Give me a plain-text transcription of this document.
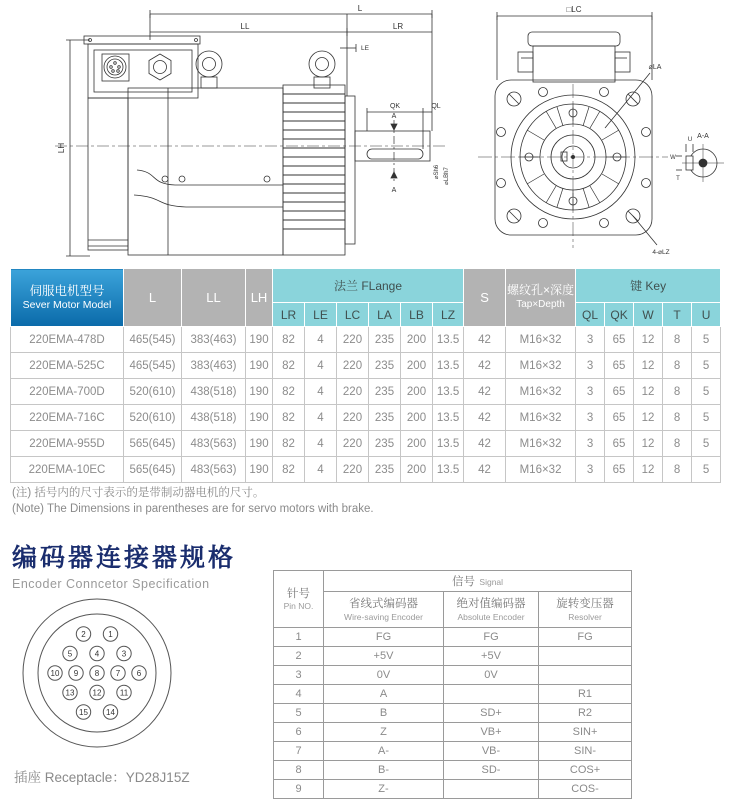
L
LL	LR
LE
LH
QK	QL
A
A
⌀Sh6 ⌀LBh7
□LC
⌀LA
4-⌀LZ
A-A
U
W
T
伺服电机型号
Sever Motor Model
	L	LL	LH	法兰 FLange	S	螺纹孔×深度
Tap×Depth
	键 Key
				LR	LE	LC	LA	LB	LZ			QL	QK	W	T	U
220EMA-478D	465(545)	383(463)	190	82	4	220	235	200	13.5	42	M16×32	3	65	12	8	5
220EMA-525C	465(545)	383(463)	190	82	4	220	235	200	13.5	42	M16×32	3	65	12	8	5
220EMA-700D	520(610)	438(518)	190	82	4	220	235	200	13.5	42	M16×32	3	65	12	8	5
220EMA-716C	520(610)	438(518)	190	82	4	220	235	200	13.5	42	M16×32	3	65	12	8	5
220EMA-955D	565(645)	483(563)	190	82	4	220	235	200	13.5	42	M16×32	3	65	12	8	5
220EMA-10EC	565(645)	483(563)	190	82	4	220	235	200	13.5	42	M16×32	3	65	12	8	5
(注) 括号内的尺寸表示的是带制动器电机的尺寸。
(Note) The Dimensions in parentheses are for servo motors with brake.
编码器连接器规格
Encoder Conncetor Specification
2	1
5	4	3
10 9 8 7 6
13 12 11
15 14
插座 Receptacle：YD28J15Z
针号
Pin NO.	信号 Signal		

省线式编码器
Wire-saving Encoder

绝对值编码器
Absolute Encoder

旋转变压器
Resolver

1	FG	FG	FG
2	+5V	+5V	
3	0V	0V	
4	A		R1
5	B	SD+	R2
6	Z	VB+	SIN+
7	A-	VB-	SIN-
8	B-	SD-	COS+
9	Z-		COS-
